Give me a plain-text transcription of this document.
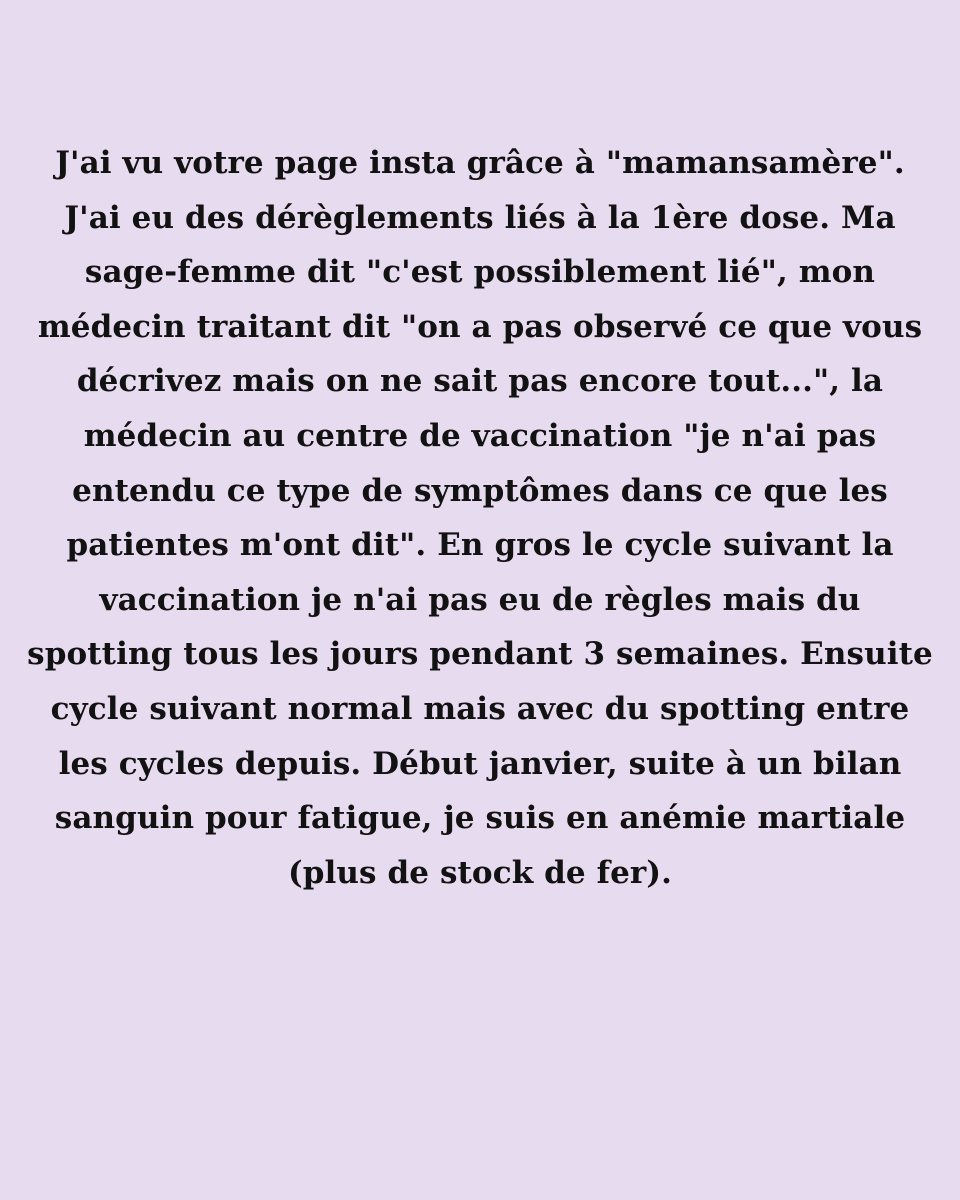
J'ai vu votre page insta grâce à "mamansamère".
J'ai eu des dérèglements liés à la 1ère dose. Ma
sage-femme dit "c'est possiblement lié", mon
médecin traitant dit "on a pas observé ce que vous
décrivez mais on ne sait pas encore tout...", la
médecin au centre de vaccination "je n'ai pas
entendu ce type de symptômes dans ce que les
patientes m'ont dit". En gros le cycle suivant la
vaccination je n'ai pas eu de règles mais du
spotting tous les jours pendant 3 semaines. Ensuite
cycle suivant normal mais avec du spotting entre
les cycles depuis. Début janvier, suite à un bilan
sanguin pour fatigue, je suis en anémie martiale
(plus de stock de fer).
